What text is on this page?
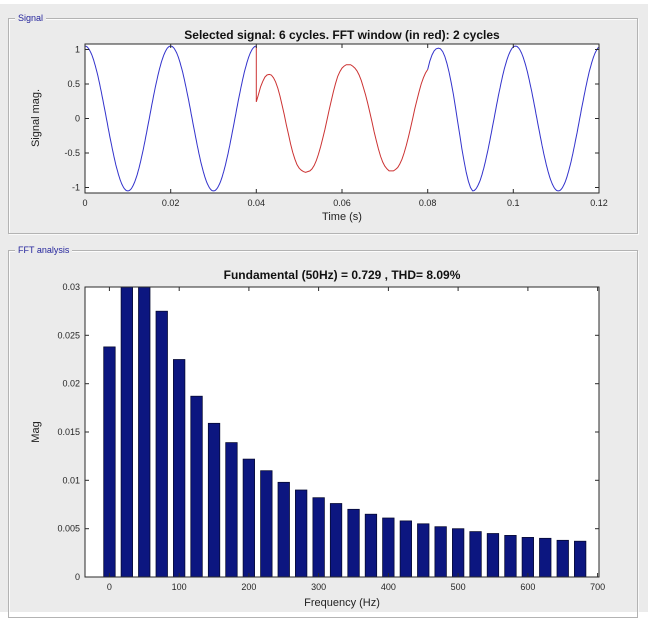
Signal
FFT analysis
0	0.02	0.04	0.06	0.08	0.1	0.12
-1
-0.5
0
0.5
1
0	100	200	300	400	500	600	700
0
0.005
0.01
0.015
0.02
0.025
0.03
Selected signal: 6 cycles. FFT window (in red): 2 cycles
Signal mag.
Time (s)
Fundamental (50Hz) = 0.729 , THD= 8.09%
Mag
Frequency (Hz)
